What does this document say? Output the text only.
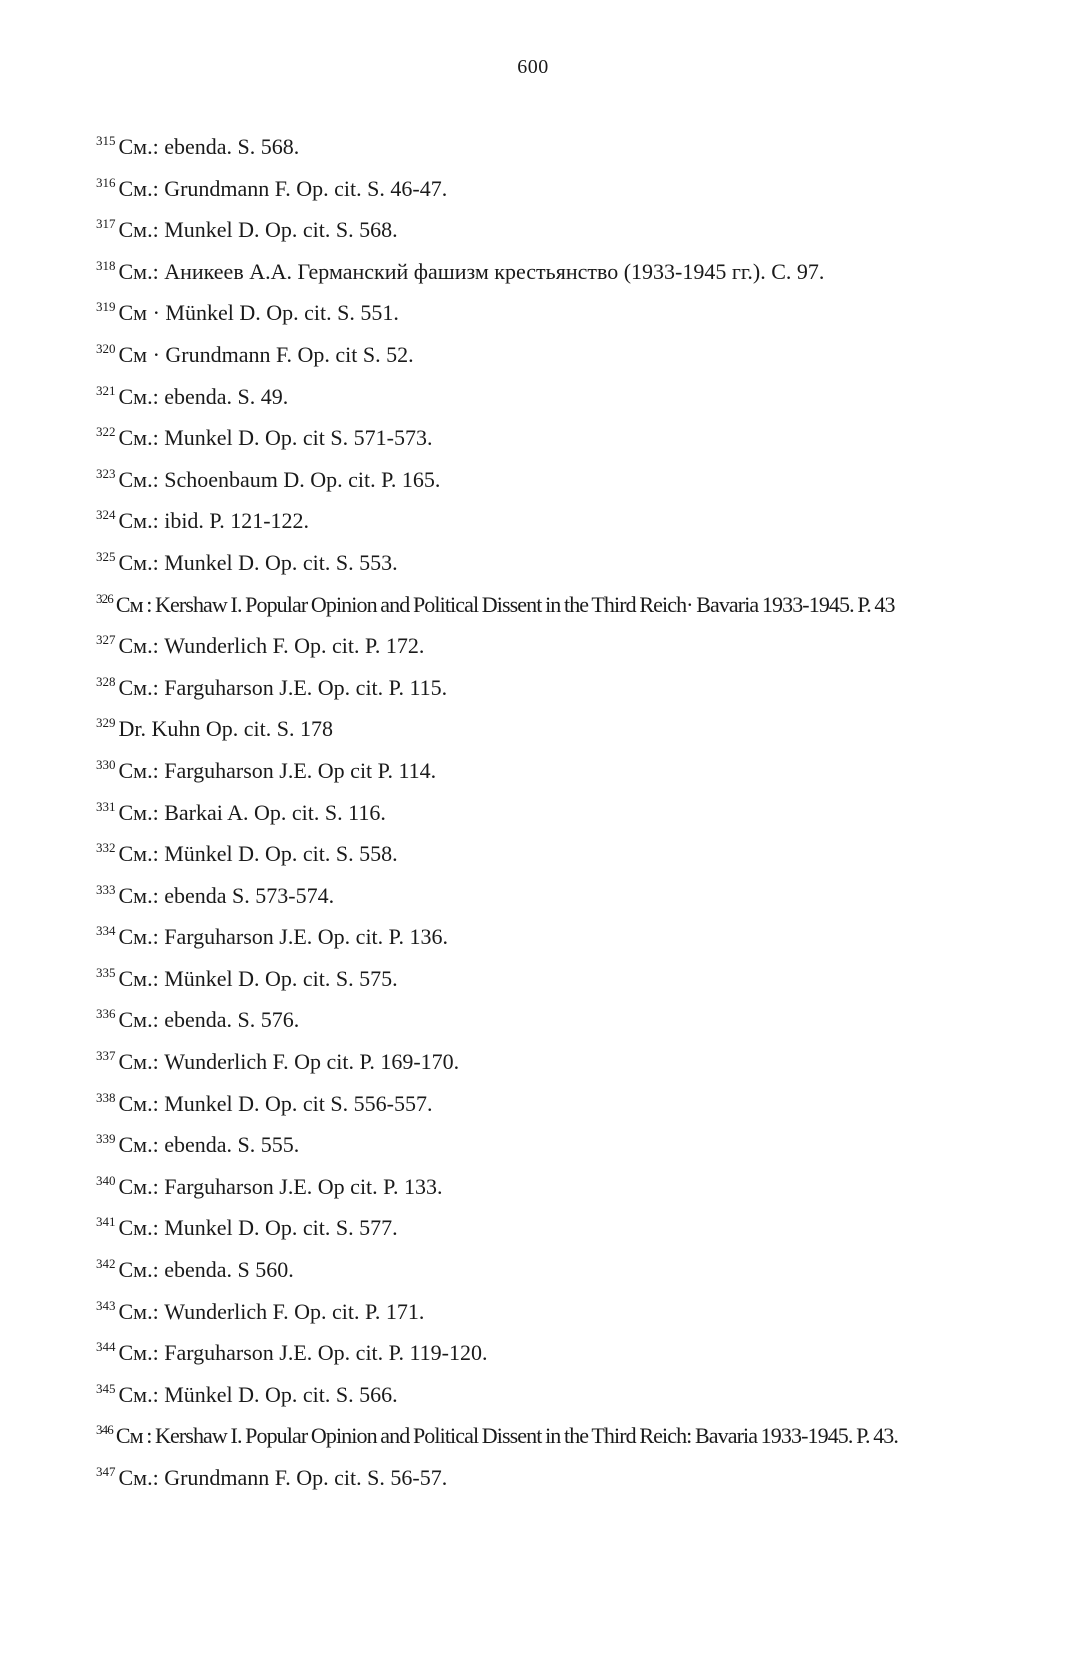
600
$^{315}$ См.: ebenda. S. 568.
$^{316}$ См.: Grundmann F. Op. cit. S. 46-47.
$^{317}$ См.: Munkel D. Op. cit. S. 568.
$^{318}$ См.: Аникеев А.А. Германский фашизм крестьянство (1933-1945 гг.). С. 97.
$^{319}$ См · Münkel D. Op. cit. S. 551.
$^{320}$ См · Grundmann F. Op. cit S. 52.
$^{321}$ См.: ebenda. S. 49.
$^{322}$ См.: Munkel D. Op. cit S. 571-573.
$^{323}$ См.: Schoenbaum D. Op. cit. P. 165.
$^{324}$ См.: ibid. P. 121-122.
$^{325}$ См.: Munkel D. Op. cit. S. 553.
$^{326}$ См : Kershaw I. Popular Opinion and Political Dissent in the Third Reich· Bavaria 1933-1945. P. 43
$^{327}$ См.: Wunderlich F. Op. cit. P. 172.
$^{328}$ См.: Farguharson J.E. Op. cit. P. 115.
$^{329}$ Dr. Kuhn Op. cit. S. 178
$^{330}$ См.: Farguharson J.E. Op cit P. 114.
$^{331}$ См.: Barkai A. Op. cit. S. 116.
$^{332}$ См.: Münkel D. Op. cit. S. 558.
$^{333}$ См.: ebenda S. 573-574.
$^{334}$ См.: Farguharson J.E. Op. cit. P. 136.
$^{335}$ См.: Münkel D. Op. cit. S. 575.
$^{336}$ См.: ebenda. S. 576.
$^{337}$ См.: Wunderlich F. Op cit. P. 169-170.
$^{338}$ См.: Munkel D. Op. cit S. 556-557.
$^{339}$ См.: ebenda. S. 555.
$^{340}$ См.: Farguharson J.E. Op cit. P. 133.
$^{341}$ См.: Munkel D. Op. cit. S. 577.
$^{342}$ См.: ebenda. S 560.
$^{343}$ См.: Wunderlich F. Op. cit. P. 171.
$^{344}$ См.: Farguharson J.E. Op. cit. P. 119-120.
$^{345}$ См.: Münkel D. Op. cit. S. 566.
$^{346}$ См : Kershaw I. Popular Opinion and Political Dissent in the Third Reich: Bavaria 1933-1945. P. 43.
$^{347}$ См.: Grundmann F. Op. cit. S. 56-57.
